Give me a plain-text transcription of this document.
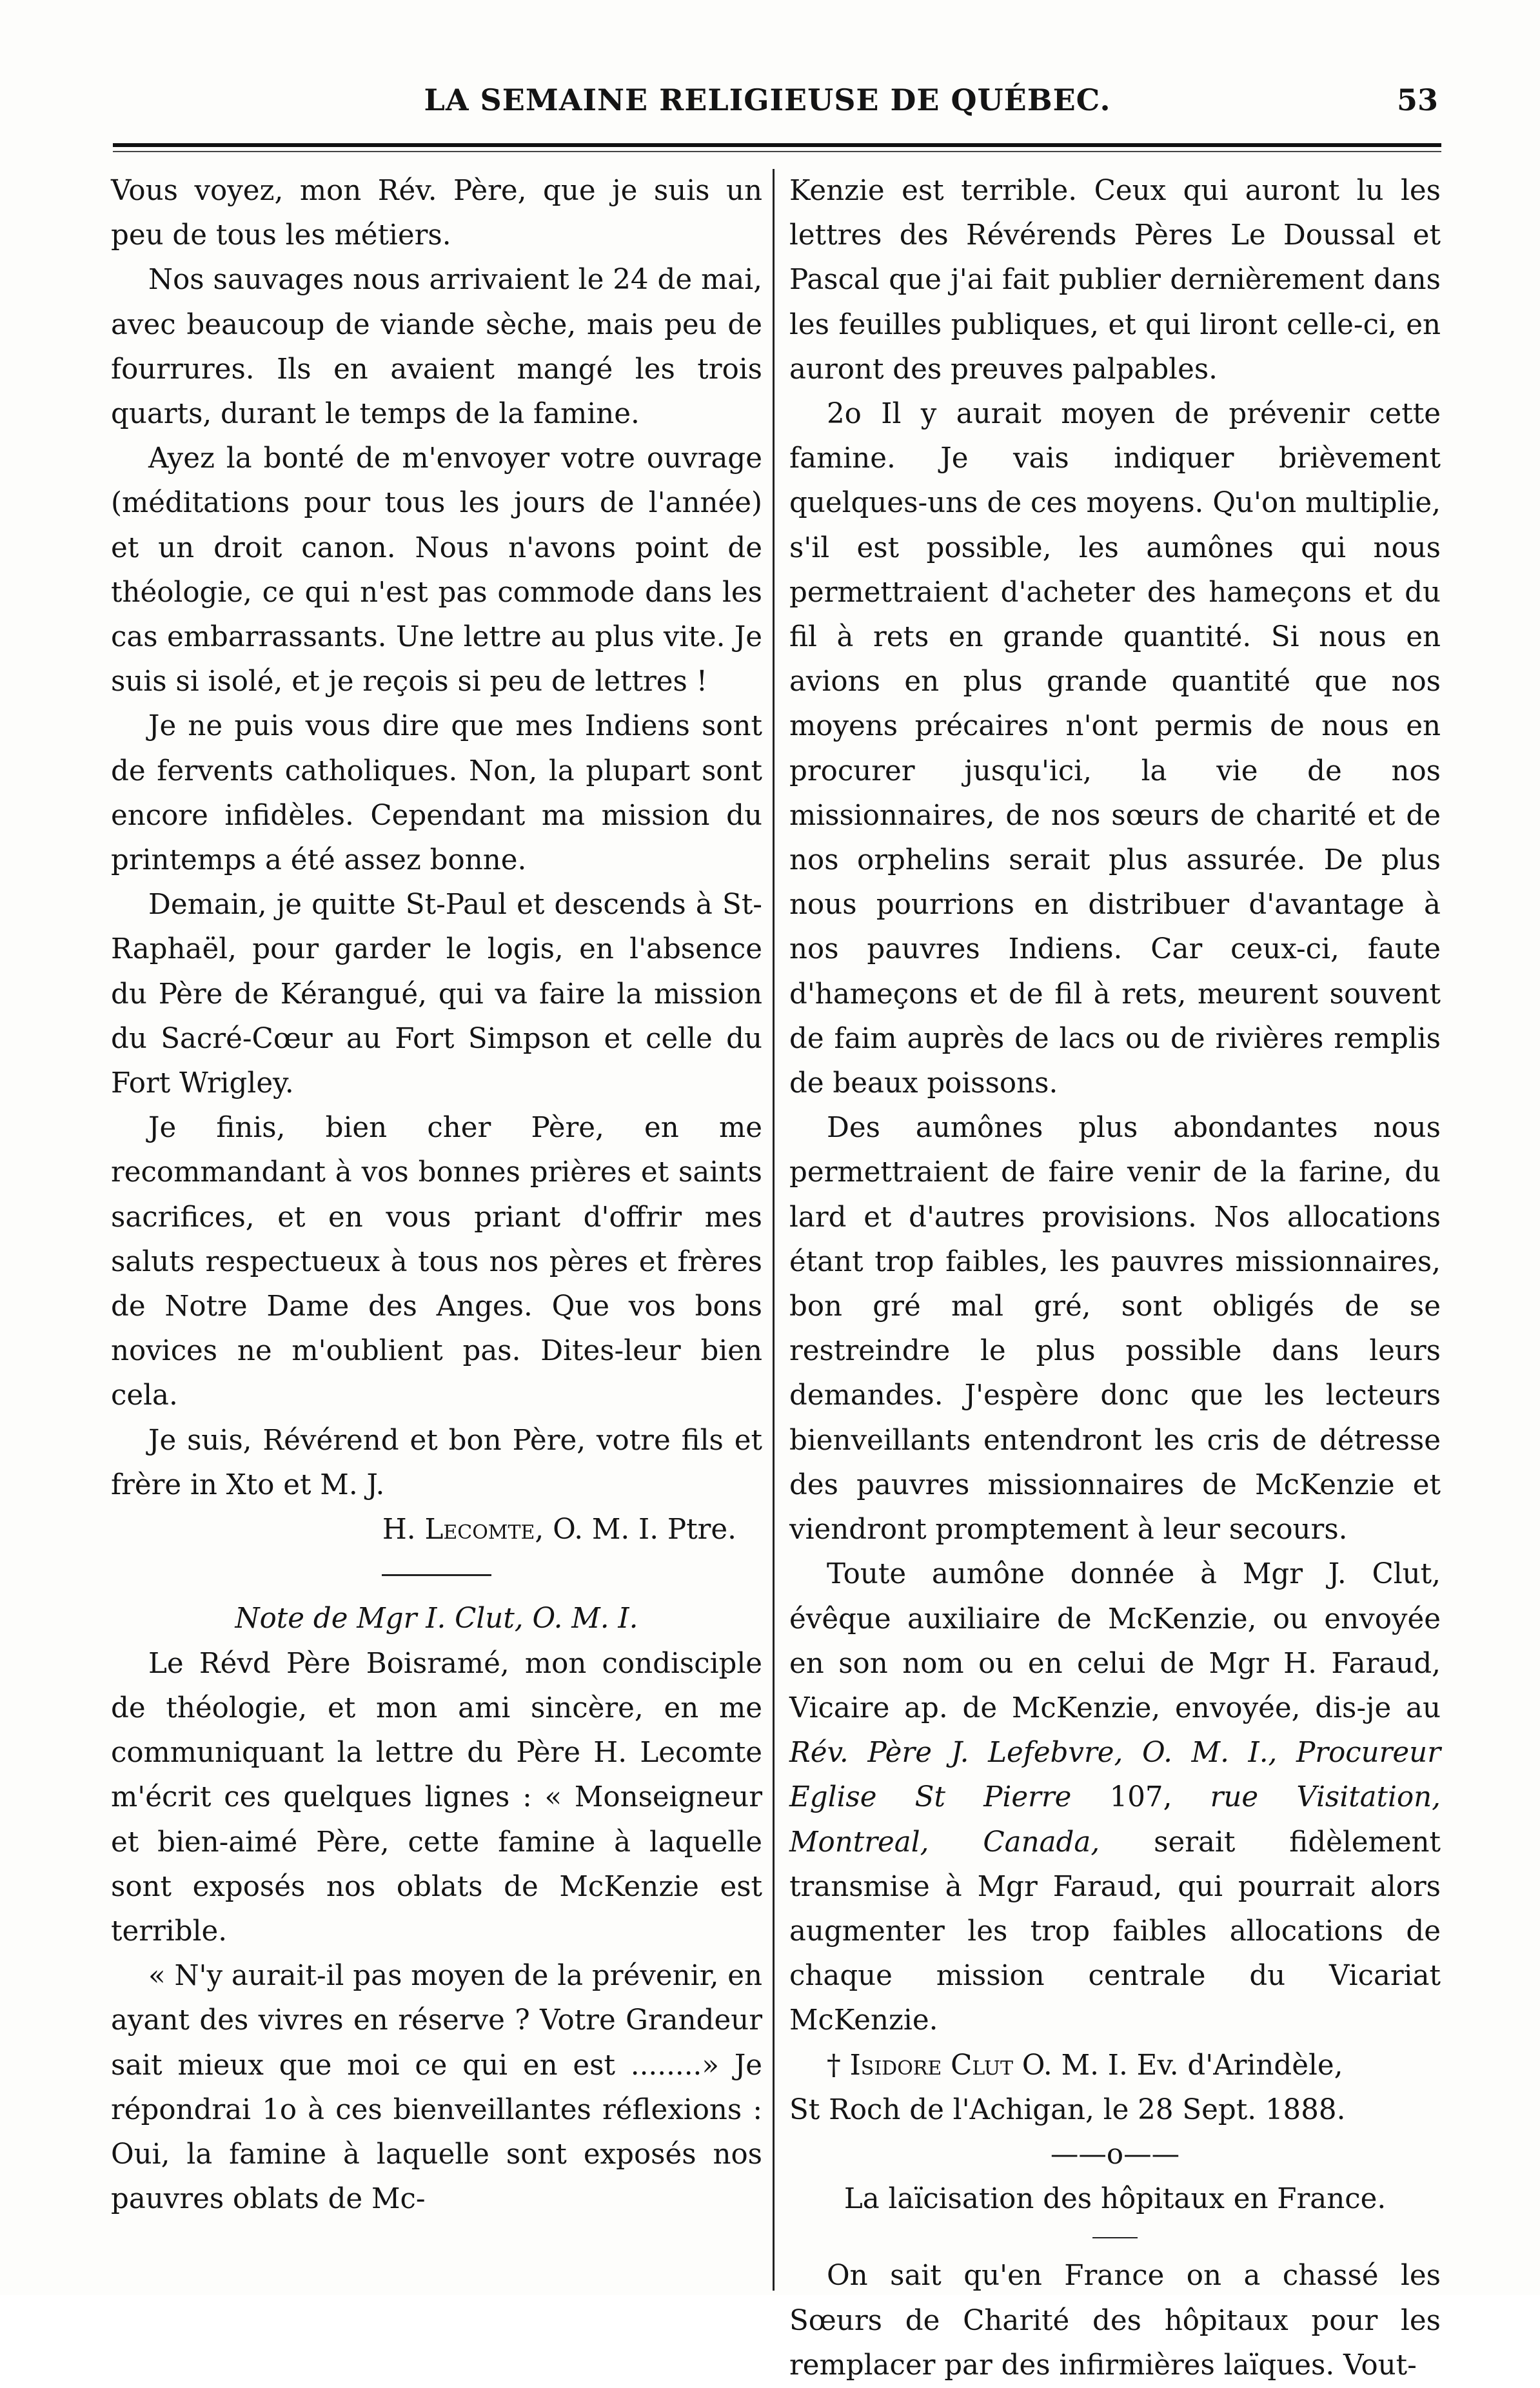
LA SEMAINE RELIGIEUSE DE QUÉBEC.	53

Vous voyez, mon Rév. Père, que je suis un peu de tous les métiers.

Nos sauvages nous arrivaient le 24 de mai, avec beaucoup de viande sèche, mais peu de fourrures. Ils en avaient mangé les trois quarts, durant le temps de la famine.

Ayez la bonté de m'envoyer votre ouvrage (méditations pour tous les jours de l'année) et un droit canon. Nous n'avons point de théologie, ce qui n'est pas commode dans les cas embarrassants. Une lettre au plus vite. Je suis si isolé, et je reçois si peu de lettres !

Je ne puis vous dire que mes Indiens sont de fervents catholiques. Non, la plupart sont encore infidèles. Cependant ma mission du printemps a été assez bonne.

Demain, je quitte St-Paul et descends à St-Raphaël, pour garder le logis, en l'absence du Père de Kérangué, qui va faire la mission du Sacré-Cœur au Fort Simpson et celle du Fort Wrigley.

Je finis, bien cher Père, en me recommandant à vos bonnes prières et saints sacrifices, et en vous priant d'offrir mes saluts respectueux à tous nos pères et frères de Notre Dame des Anges. Que vos bons novices ne m'oublient pas. Dites-leur bien cela.

Je suis, Révérend et bon Père, votre fils et frère in Xto et M. J.

H. Lecomte, O. M. I. Ptre.

Note de Mgr I. Clut, O. M. I.

Le Révd Père Boisramé, mon condisciple de théologie, et mon ami sincère, en me communiquant la lettre du Père H. Lecomte m'écrit ces quelques lignes : « Monseigneur et bien-aimé Père, cette famine à laquelle sont exposés nos oblats de McKenzie est terrible.

« N'y aurait-il pas moyen de la prévenir, en ayant des vivres en réserve ? Votre Grandeur sait mieux que moi ce qui en est ........» Je répondrai 1o à ces bienveillantes réflexions : Oui, la famine à laquelle sont exposés nos pauvres oblats de Mc-

Kenzie est terrible. Ceux qui auront lu les lettres des Révérends Pères Le Doussal et Pascal que j'ai fait publier dernièrement dans les feuilles publiques, et qui liront celle-ci, en auront des preuves palpables.

2o Il y aurait moyen de prévenir cette famine. Je vais indiquer brièvement quelques-uns de ces moyens. Qu'on multiplie, s'il est possible, les aumônes qui nous permettraient d'acheter des hameçons et du fil à rets en grande quantité. Si nous en avions en plus grande quantité que nos moyens précaires n'ont permis de nous en procurer jusqu'ici, la vie de nos missionnaires, de nos sœurs de charité et de nos orphelins serait plus assurée. De plus nous pourrions en distribuer d'avantage à nos pauvres Indiens. Car ceux-ci, faute d'hameçons et de fil à rets, meurent souvent de faim auprès de lacs ou de rivières remplis de beaux poissons.

Des aumônes plus abondantes nous permettraient de faire venir de la farine, du lard et d'autres provisions. Nos allocations étant trop faibles, les pauvres missionnaires, bon gré mal gré, sont obligés de se restreindre le plus possible dans leurs demandes. J'espère donc que les lecteurs bienveillants entendront les cris de détresse des pauvres missionnaires de McKenzie et viendront promptement à leur secours.

Toute aumône donnée à Mgr J. Clut, évêque auxiliaire de McKenzie, ou envoyée en son nom ou en celui de Mgr H. Faraud, Vicaire ap. de McKenzie, envoyée, dis-je au Rév. Père J. Lefebvre, O. M. I., Procureur Eglise St Pierre 107, rue Visitation, Montreal, Canada, serait fidèlement transmise à Mgr Faraud, qui pourrait alors augmenter les trop faibles allocations de chaque mission centrale du Vicariat McKenzie.

† Isidore Clut O. M. I. Ev. d'Arindèle,

St Roch de l'Achigan, le 28 Sept. 1888.

——o——

La laïcisation des hôpitaux en France.

On sait qu'en France on a chassé les Sœurs de Charité des hôpitaux pour les remplacer par des infirmières laïques. Vout-
